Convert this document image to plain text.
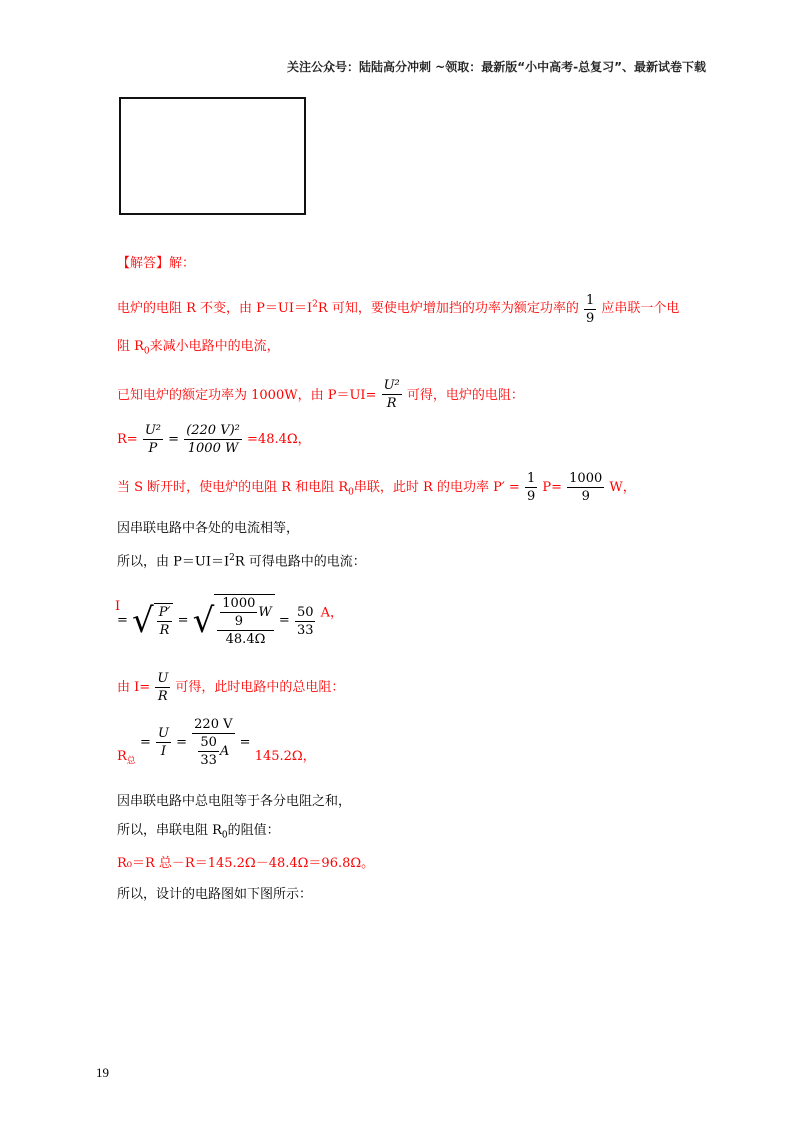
关注公众号：陆陆高分冲刺 ~领取：最新版“小中高考-总复习”、最新试卷下载
【解答】解：
电炉的电阻 R 不变，由 $P=UI=I^2R$ 可知，要使电炉增加挡的功率为额定功率的 $\frac{1}{9}$ 应串联一个电
阻 $R_0$来减小电路中的电流，
已知电炉的额定功率为 1000W，由 $P=UI= \frac{\text{U²}}{R}$ 可得，电炉的电阻：
$R= \frac{\text{U²}}{P} = \frac{\text{(220 V)²}}{1000 W} =48.4\Omega$，
当 S 断开时，使电炉的电阻 R 和电阻 $R_0$串联，此时 R 的电功率 $P' = \frac{1}{9} P= \frac{1000}{9}$ W，
因串联电路中各处的电流相等，
所以，由 $P=UI=I^2R$ 可得电路中的电流：
I
= √ $\frac{P'}{R}$ = √ $\frac{\frac{1000}{9} W}{48.4\Omega} = \frac{50}{33}$ A，
由 $I= \frac{U}{R}$ 可得，此时电路中的总电阻：
$R_总 = \frac{U}{I} = \frac{220 V}{\frac{50}{33} A} = 145.2\Omega$，
因串联电路中总电阻等于各分电阻之和，
所以，串联电阻 $R_0$的阻值：
R₀＝R 总－R＝145.2Ω－48.4Ω＝96.8Ω。
所以，设计的电路图如下图所示：
19
